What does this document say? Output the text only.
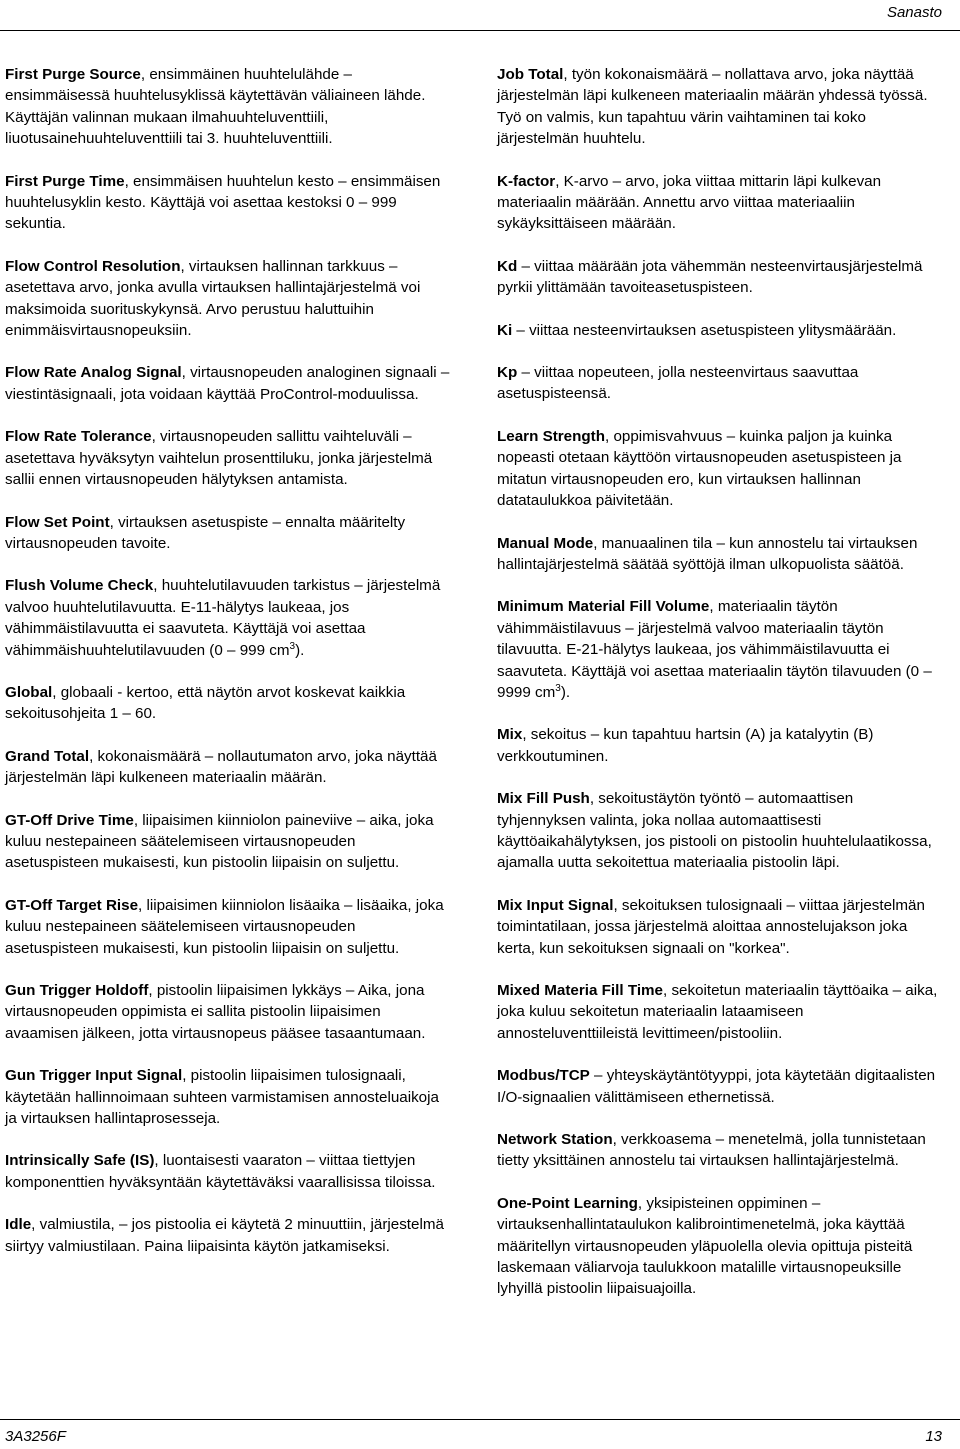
Sanasto

First Purge Source, ensimmäinen huuhtelulähde – ensimmäisessä huuhtelusyklissä käytettävän väliaineen lähde. Käyttäjän valinnan mukaan ilmahuuhteluventtiili, liuotusainehuuhteluventtiili tai 3. huuhteluventtiili.

First Purge Time, ensimmäisen huuhtelun kesto – ensimmäisen huuhtelusyklin kesto. Käyttäjä voi asettaa kestoksi 0 – 999 sekuntia.

Flow Control Resolution, virtauksen hallinnan tarkkuus – asetettava arvo, jonka avulla virtauksen hallintajärjestelmä voi maksimoida suorituskykynsä. Arvo perustuu haluttuihin enimmäisvirtausnopeuksiin.

Flow Rate Analog Signal, virtausnopeuden analoginen signaali – viestintäsignaali, jota voidaan käyttää ProControl-moduulissa.

Flow Rate Tolerance, virtausnopeuden sallittu vaihteluväli – asetettava hyväksytyn vaihtelun prosenttiluku, jonka järjestelmä sallii ennen virtausnopeuden hälytyksen antamista.

Flow Set Point, virtauksen asetuspiste – ennalta määritelty virtausnopeuden tavoite.

Flush Volume Check, huuhtelutilavuuden tarkistus – järjestelmä valvoo huuhtelutilavuutta. E-11-hälytys laukeaa, jos vähimmäistilavuutta ei saavuteta. Käyttäjä voi asettaa vähimmäishuuhtelutilavuuden (0 – 999 $cm^3$).

Global, globaali - kertoo, että näytön arvot koskevat kaikkia sekoitusohjeita 1 – 60.

Grand Total, kokonaismäärä – nollautumaton arvo, joka näyttää järjestelmän läpi kulkeneen materiaalin määrän.

GT-Off Drive Time, liipaisimen kiinniolon paineviive – aika, joka kuluu nestepaineen säätelemiseen virtausnopeuden asetuspisteen mukaisesti, kun pistoolin liipaisin on suljettu.

GT-Off Target Rise, liipaisimen kiinniolon lisäaika – lisäaika, joka kuluu nestepaineen säätelemiseen virtausnopeuden asetuspisteen mukaisesti, kun pistoolin liipaisin on suljettu.

Gun Trigger Holdoff, pistoolin liipaisimen lykkäys – Aika, jona virtausnopeuden oppimista ei sallita pistoolin liipaisimen avaamisen jälkeen, jotta virtausnopeus pääsee tasaantumaan.

Gun Trigger Input Signal, pistoolin liipaisimen tulosignaali, käytetään hallinnoimaan suhteen varmistamisen annosteluaikoja ja virtauksen hallintaprosesseja.

Intrinsically Safe (IS), luontaisesti vaaraton – viittaa tiettyjen komponenttien hyväksyntään käytettäväksi vaarallisissa tiloissa.

Idle, valmiustila, – jos pistoolia ei käytetä 2 minuuttiin, järjestelmä siirtyy valmiustilaan. Paina liipaisinta käytön jatkamiseksi.

Job Total, työn kokonaismäärä – nollattava arvo, joka näyttää järjestelmän läpi kulkeneen materiaalin määrän yhdessä työssä. Työ on valmis, kun tapahtuu värin vaihtaminen tai koko järjestelmän huuhtelu.

K-factor, K-arvo – arvo, joka viittaa mittarin läpi kulkevan materiaalin määrään. Annettu arvo viittaa materiaaliin sykäyksittäiseen määrään.

Kd – viittaa määrään jota vähemmän nesteenvirtausjärjestelmä pyrkii ylittämään tavoiteasetuspisteen.

Ki – viittaa nesteenvirtauksen asetuspisteen ylitysmäärään.

Kp – viittaa nopeuteen, jolla nesteenvirtaus saavuttaa asetuspisteensä.

Learn Strength, oppimisvahvuus – kuinka paljon ja kuinka nopeasti otetaan käyttöön virtausnopeuden asetuspisteen ja mitatun virtausnopeuden ero, kun virtauksen hallinnan datataulukkoa päivitetään.

Manual Mode, manuaalinen tila – kun annostelu tai virtauksen hallintajärjestelmä säätää syöttöjä ilman ulkopuolista säätöä.

Minimum Material Fill Volume, materiaalin täytön vähimmäistilavuus – järjestelmä valvoo materiaalin täytön tilavuutta. E-21-hälytys laukeaa, jos vähimmäistilavuutta ei saavuteta. Käyttäjä voi asettaa materiaalin täytön tilavuuden (0 – 9999 $cm^3$).

Mix, sekoitus – kun tapahtuu hartsin (A) ja katalyytin (B) verkkoutuminen.

Mix Fill Push, sekoitustäytön työntö – automaattisen tyhjennyksen valinta, joka nollaa automaattisesti käyttöaikahälytyksen, jos pistooli on pistoolin huuhtelulaatikossa, ajamalla uutta sekoitettua materiaalia pistoolin läpi.

Mix Input Signal, sekoituksen tulosignaali – viittaa järjestelmän toimintatilaan, jossa järjestelmä aloittaa annostelujakson joka kerta, kun sekoituksen signaali on "korkea".

Mixed Materia Fill Time, sekoitetun materiaalin täyttöaika – aika, joka kuluu sekoitetun materiaalin lataamiseen annosteluventtiileistä levittimeen/pistooliin.

Modbus/TCP – yhteyskäytäntötyyppi, jota käytetään digitaalisten I/O-signaalien välittämiseen ethernetissä.

Network Station, verkkoasema – menetelmä, jolla tunnistetaan tietty yksittäinen annostelu tai virtauksen hallintajärjestelmä.

One-Point Learning, yksipisteinen oppiminen – virtauksenhallintataulukon kalibrointimenetelmä, joka käyttää määritellyn virtausnopeuden yläpuolella olevia opittuja pisteitä laskemaan väliarvoja taulukkoon matalille virtausnopeuksille lyhyillä pistoolin liipaisuajoilla.

3A3256F	13
